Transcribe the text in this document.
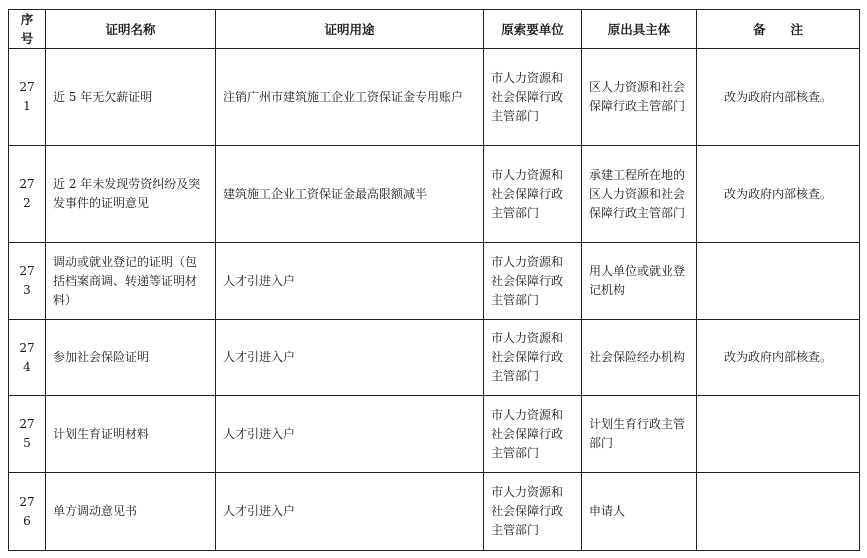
序号	证明名称	证明用途	原索要单位	原出具主体	备　　注
271	近 5 年无欠薪证明	注销广州市建筑施工企业工资保证金专用账户	市人力资源和社会保障行政主管部门	区人力资源和社会保障行政主管部门	改为政府内部核查。
272	近 2 年未发现劳资纠纷及突发事件的证明意见	建筑施工企业工资保证金最高限额减半	市人力资源和社会保障行政主管部门	承建工程所在地的区人力资源和社会保障行政主管部门	改为政府内部核查。
273	调动或就业登记的证明（包括档案商调、转递等证明材料）	人才引进入户	市人力资源和社会保障行政主管部门	用人单位或就业登记机构	
274	参加社会保险证明	人才引进入户	市人力资源和社会保障行政主管部门	社会保险经办机构	改为政府内部核查。
275	计划生育证明材料	人才引进入户	市人力资源和社会保障行政主管部门	计划生育行政主管部门	
276	单方调动意见书	人才引进入户	市人力资源和社会保障行政主管部门	申请人	
